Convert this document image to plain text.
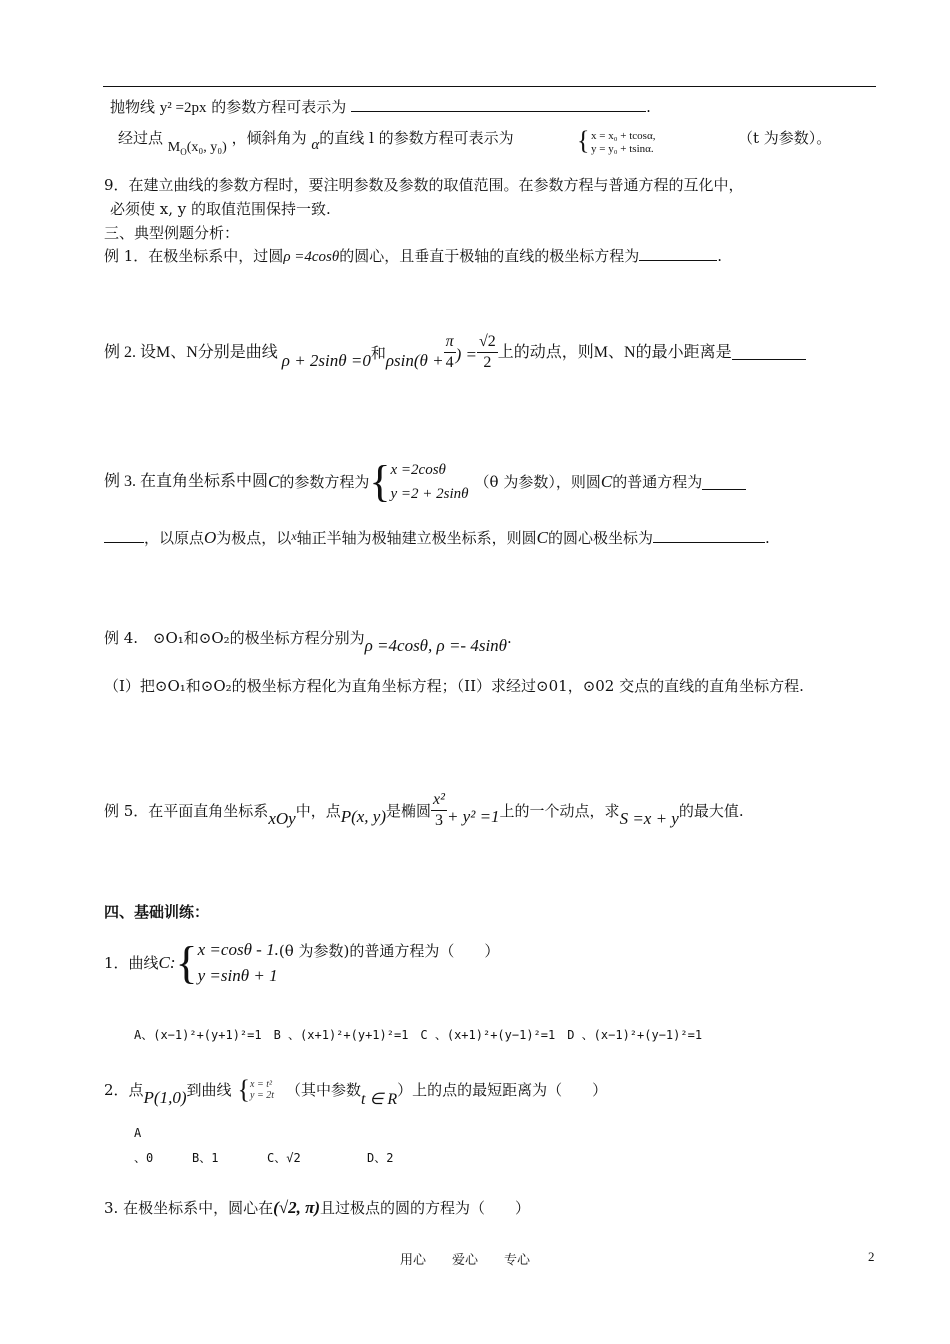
抛物线 y² =2px 的参数方程可表示为	.
经过点 $M_O(x_0$, y₀) ，倾斜角为 α的直线 l 的参数方程可表示为 { x = x₀ + tcosα,
y = y₀ + tsinα.
（t 为参数）。
9．在建立曲线的参数方程时，要注明参数及参数的取值范围。在参数方程与普通方程的互化中，
必须使 x, y 的取值范围保持一致.
三、典型例题分析：
例 1．在极坐标系中，过圆ρ =4cosθ的圆心，且垂直于极轴的直线的极坐标方程为	.
例 2. 设M、N分别是曲线 ρ + 2sinθ =0 和 $\rho\sin(\theta + \frac{\pi}{4}$ ) = $\frac{√2}{2}$ 上的动点，则M、N的最小距离是
例 3. 在直角坐标系中圆 C 的参数方程为 { x =2cosθ
y =2 + 2sinθ
（θ 为参数），则圆 C 的普通方程为
，以原点O为极点，以$^x$轴正半轴为极轴建立极坐标系，则圆C的圆心极坐标为	.
例 4. ⊙O₁和⊙O₂的极坐标方程分别为ρ =4cosθ, ρ =- 4sinθ.
（I）把⊙O₁和⊙O₂的极坐标方程化为直角坐标方程；（II）求经过⊙01，⊙02 交点的直线的直角坐标方程.
例 5．在平面直角坐标系 xOy 中，点 P(x, y) 是椭圆 $\frac{\text{x²}}{3} + y^2 =1$ 上的一个动点，求 S =x + y 的最大值.
四、基础训练：
1．曲线 C: { x =cosθ - 1.
y =sinθ + 1
(θ 为参数)的普通方程为（　　）
A、(x−1)²+(y+1)²=1　B 、(x+1)²+(y+1)²=1　C 、(x+1)²+(y−1)²=1　D 、(x−1)²+(y−1)²=1
2．点 P(1,0) 到曲线 { x = t²
y = 2t （其中参数
t ∈ R
）上的点的最短距离为（　　）
A
、0	B、1	C、√2	D、2
3. 在极坐标系中，圆心在(√2, π)且过极点的圆的方程为（　　）
用心　　爱心　　专心	2
